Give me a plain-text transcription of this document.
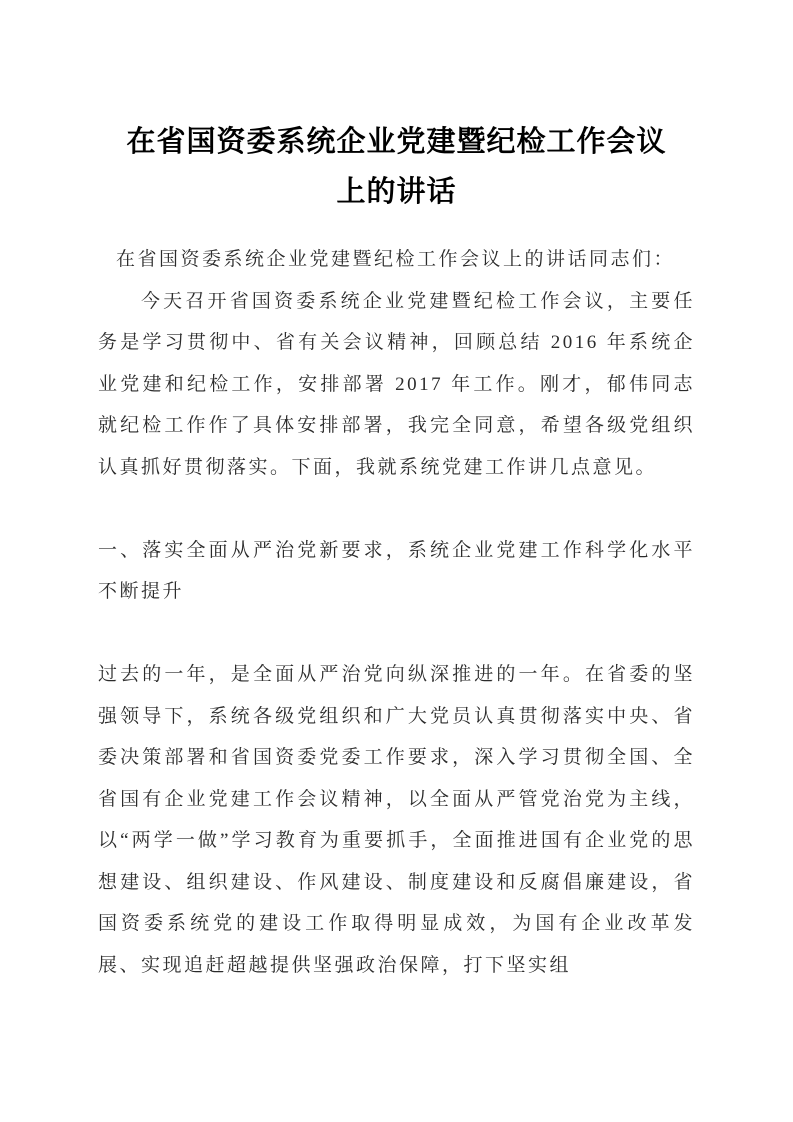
在省国资委系统企业党建暨纪检工作会议
上的讲话

在省国资委系统企业党建暨纪检工作会议上的讲话同志们：

今天召开省国资委系统企业党建暨纪检工作会议，主要任务是学习贯彻中、省有关会议精神，回顾总结 2016 年系统企业党建和纪检工作，安排部署 2017 年工作。刚才，郁伟同志就纪检工作作了具体安排部署，我完全同意，希望各级党组织认真抓好贯彻落实。下面，我就系统党建工作讲几点意见。

一、落实全面从严治党新要求，系统企业党建工作科学化水平不断提升

过去的一年，是全面从严治党向纵深推进的一年。在省委的坚强领导下，系统各级党组织和广大党员认真贯彻落实中央、省委决策部署和省国资委党委工作要求，深入学习贯彻全国、全省国有企业党建工作会议精神，以全面从严管党治党为主线，以“两学一做”学习教育为重要抓手，全面推进国有企业党的思想建设、组织建设、作风建设、制度建设和反腐倡廉建设，省国资委系统党的建设工作取得明显成效，为国有企业改革发展、实现追赶超越提供坚强政治保障，打下坚实组
